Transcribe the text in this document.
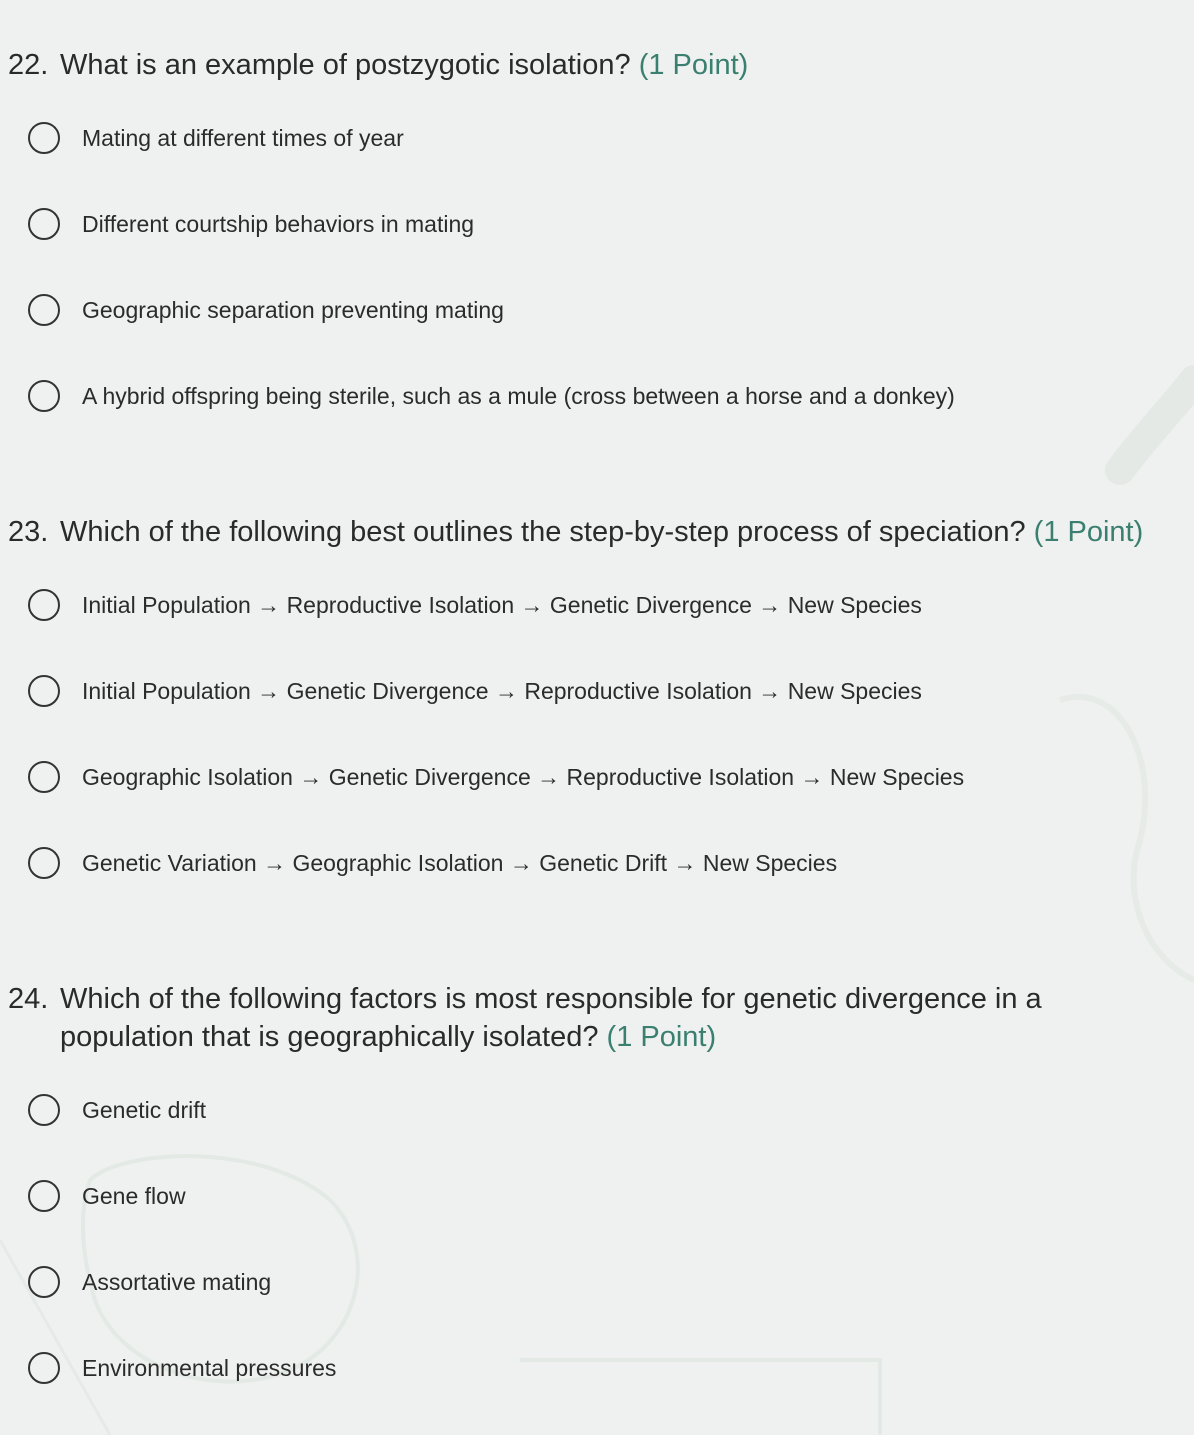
22. What is an example of postzygotic isolation? (1 Point)
Mating at different times of year
Different courtship behaviors in mating
Geographic separation preventing mating
A hybrid offspring being sterile, such as a mule (cross between a horse and a donkey)
23. Which of the following best outlines the step-by-step process of speciation? (1 Point)
Initial Population → Reproductive Isolation → Genetic Divergence → New Species
Initial Population → Genetic Divergence → Reproductive Isolation → New Species
Geographic Isolation → Genetic Divergence → Reproductive Isolation → New Species
Genetic Variation → Geographic Isolation → Genetic Drift → New Species
24. Which of the following factors is most responsible for genetic divergence in a population that is geographically isolated? (1 Point)
Genetic drift
Gene flow
Assortative mating
Environmental pressures
